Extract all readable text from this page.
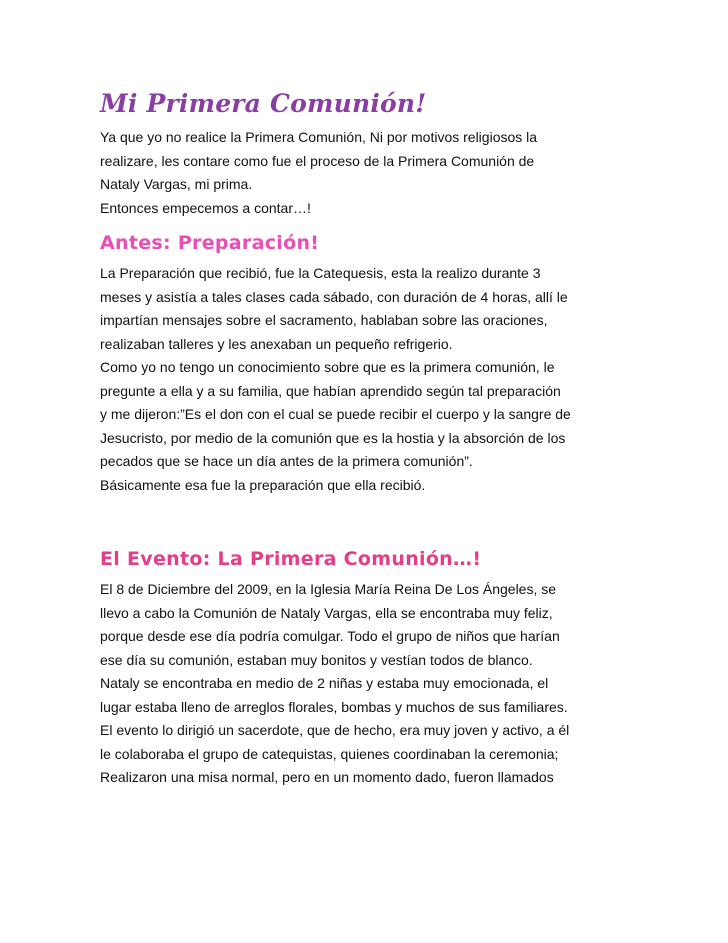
Mi Primera Comunión!

Ya que yo no realice la Primera Comunión, Ni por motivos religiosos la
realizare, les contare como fue el proceso de la Primera Comunión de
Nataly Vargas, mi prima.
Entonces empecemos a contar…!

Antes: Preparación!

La Preparación que recibió, fue la Catequesis, esta la realizo durante 3
meses y asistía a tales clases cada sábado, con duración de 4 horas, allí le
impartían mensajes sobre el sacramento, hablaban sobre las oraciones,
realizaban talleres y les anexaban un pequeño refrigerio.
Como yo no tengo un conocimiento sobre que es la primera comunión, le
pregunte a ella y a su familia, que habían aprendido según tal preparación
y me dijeron:”Es el don con el cual se puede recibir el cuerpo y la sangre de
Jesucristo, por medio de la comunión que es la hostia y la absorción de los
pecados que se hace un día antes de la primera comunión”.
Básicamente esa fue la preparación que ella recibió.

El Evento: La Primera Comunión…!

El 8 de Diciembre del 2009, en la Iglesia María Reina De Los Ángeles, se
llevo a cabo la Comunión de Nataly Vargas, ella se encontraba muy feliz,
porque desde ese día podría comulgar. Todo el grupo de niños que harían
ese día su comunión, estaban muy bonitos y vestían todos de blanco.
Nataly se encontraba en medio de 2 niñas y estaba muy emocionada, el
lugar estaba lleno de arreglos florales, bombas y muchos de sus familiares.
El evento lo dirigió un sacerdote, que de hecho, era muy joven y activo, a él
le colaboraba el grupo de catequistas, quienes coordinaban la ceremonia;
Realizaron una misa normal, pero en un momento dado, fueron llamados
